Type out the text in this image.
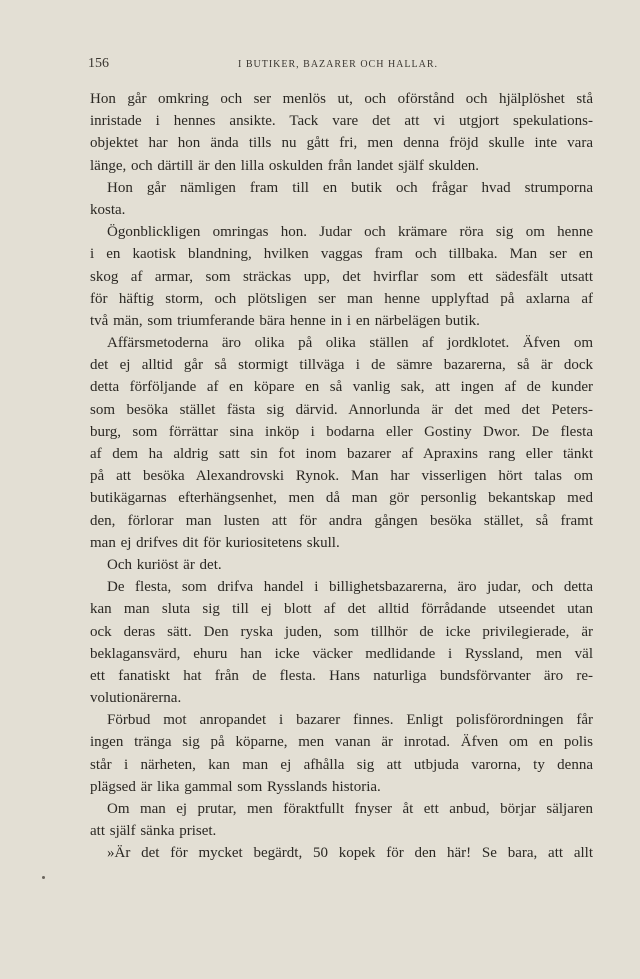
156	I BUTIKER, BAZARER OCH HALLAR.
Hon går omkring och ser menlös ut, och oförstånd och hjälplöshet stå
inristade i hennes ansikte. Tack vare det att vi utgjort spekulations-
objektet har hon ända tills nu gått fri, men denna fröjd skulle inte vara
länge, och därtill är den lilla oskulden från landet själf skulden.
Hon går nämligen fram till en butik och frågar hvad strumporna
kosta.
Ögonblickligen omringas hon. Judar och krämare röra sig om henne
i en kaotisk blandning, hvilken vaggas fram och tillbaka. Man ser en
skog af armar, som sträckas upp, det hvirflar som ett sädesfält utsatt
för häftig storm, och plötsligen ser man henne upplyftad på axlarna af
två män, som triumferande bära henne in i en närbelägen butik.
Affärsmetoderna äro olika på olika ställen af jordklotet. Äfven om
det ej alltid går så stormigt tillväga i de sämre bazarerna, så är dock
detta förföljande af en köpare en så vanlig sak, att ingen af de kunder
som besöka stället fästa sig därvid. Annorlunda är det med det Peters-
burg, som förrättar sina inköp i bodarna eller Gostiny Dwor. De flesta
af dem ha aldrig satt sin fot inom bazarer af Apraxins rang eller tänkt
på att besöka Alexandrovski Rynok. Man har visserligen hört talas om
butikägarnas efterhängsenhet, men då man gör personlig bekantskap med
den, förlorar man lusten att för andra gången besöka stället, så framt
man ej drifves dit för kuriositetens skull.
Och kuriöst är det.
De flesta, som drifva handel i billighetsbazarerna, äro judar, och detta
kan man sluta sig till ej blott af det alltid förrådande utseendet utan
ock deras sätt. Den ryska juden, som tillhör de icke privilegierade, är
beklagansvärd, ehuru han icke väcker medlidande i Ryssland, men väl
ett fanatiskt hat från de flesta. Hans naturliga bundsförvanter äro re-
volutionärerna.
Förbud mot anropandet i bazarer finnes. Enligt polisförordningen får
ingen tränga sig på köparne, men vanan är inrotad. Äfven om en polis
står i närheten, kan man ej afhålla sig att utbjuda varorna, ty denna
plägsed är lika gammal som Rysslands historia.
Om man ej prutar, men föraktfullt fnyser åt ett anbud, börjar säljaren
att själf sänka priset.
»Är det för mycket begärdt, 50 kopek för den här! Se bara, att allt
